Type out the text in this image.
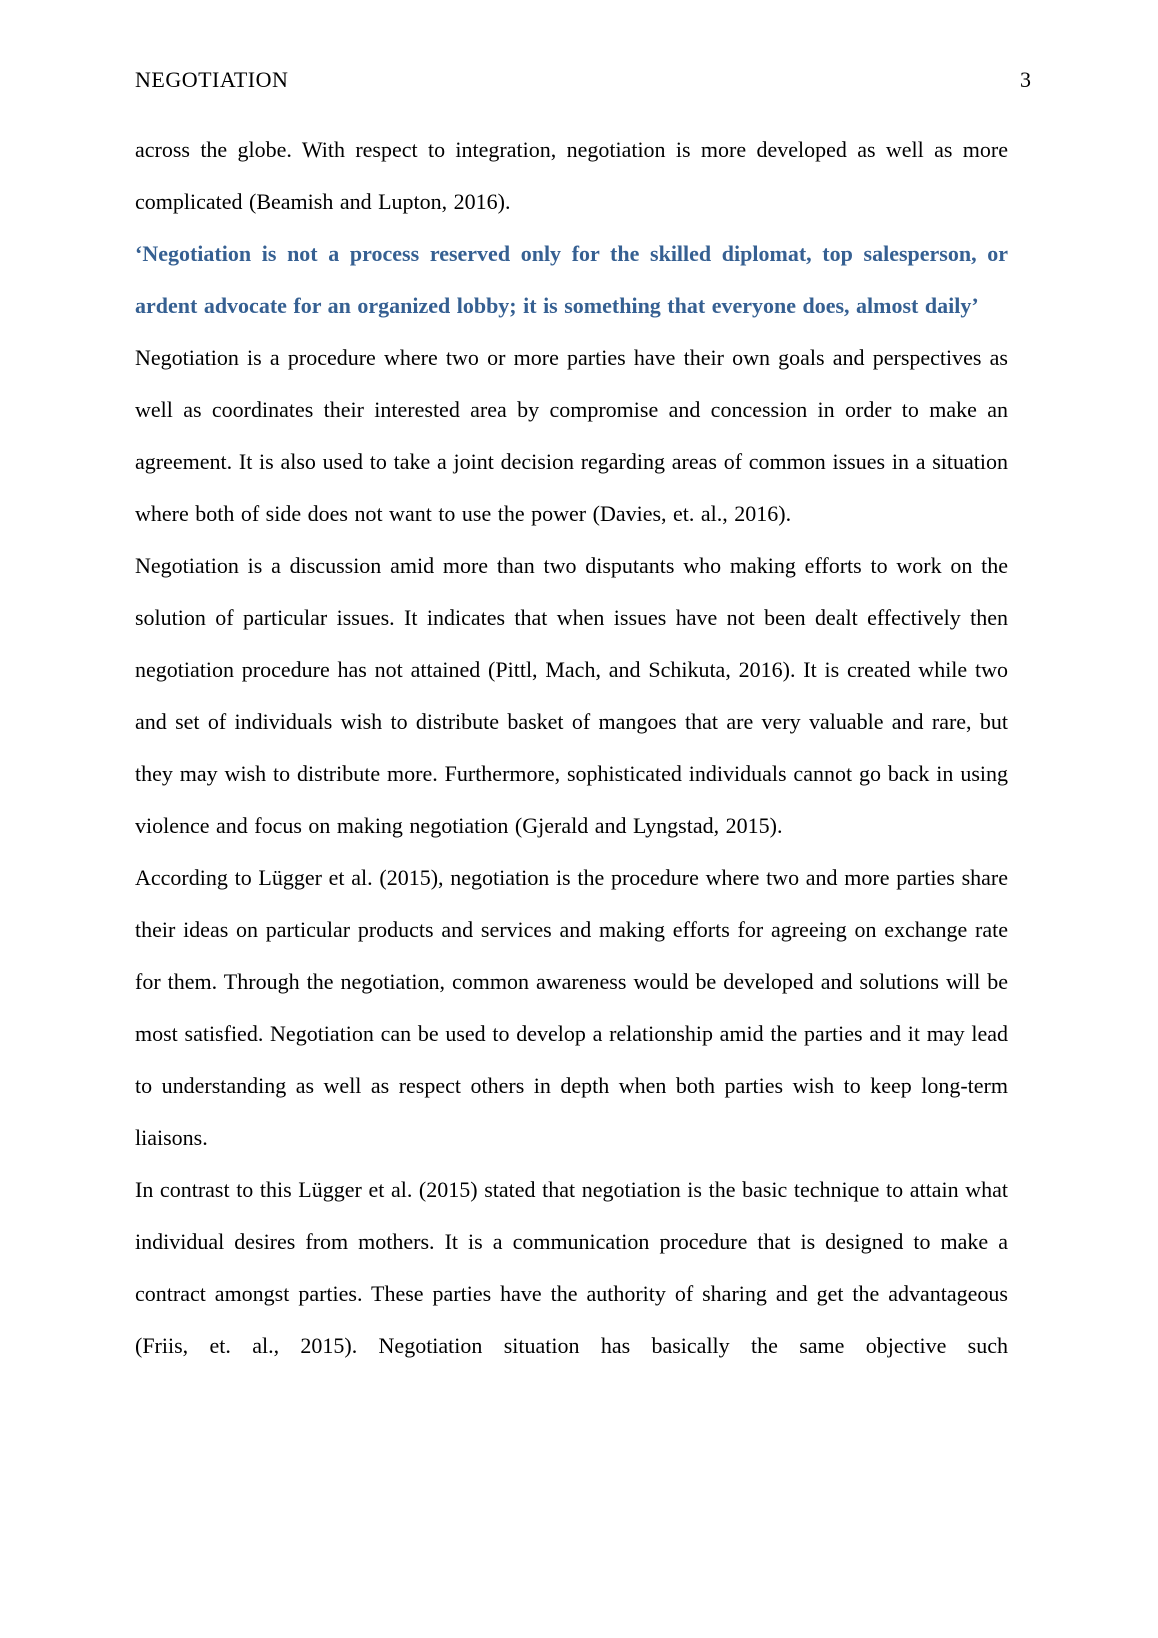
NEGOTIATION	3

across the globe. With respect to integration, negotiation is more developed as well as more complicated (Beamish and Lupton, 2016).

‘Negotiation is not a process reserved only for the skilled diplomat, top salesperson, or ardent advocate for an organized lobby; it is something that everyone does, almost daily’

Negotiation is a procedure where two or more parties have their own goals and perspectives as well as coordinates their interested area by compromise and concession in order to make an agreement. It is also used to take a joint decision regarding areas of common issues in a situation where both of side does not want to use the power (Davies, et. al., 2016).

Negotiation is a discussion amid more than two disputants who making efforts to work on the solution of particular issues. It indicates that when issues have not been dealt effectively then negotiation procedure has not attained (Pittl, Mach, and Schikuta, 2016). It is created while two and set of individuals wish to distribute basket of mangoes that are very valuable and rare, but they may wish to distribute more. Furthermore, sophisticated individuals cannot go back in using violence and focus on making negotiation (Gjerald and Lyngstad, 2015).

According to Lügger et al. (2015), negotiation is the procedure where two and more parties share their ideas on particular products and services and making efforts for agreeing on exchange rate for them. Through the negotiation, common awareness would be developed and solutions will be most satisfied. Negotiation can be used to develop a relationship amid the parties and it may lead to understanding as well as respect others in depth when both parties wish to keep long-term liaisons.

In contrast to this Lügger et al. (2015) stated that negotiation is the basic technique to attain what individual desires from mothers. It is a communication procedure that is designed to make a contract amongst parties. These parties have the authority of sharing and get the advantageous (Friis, et. al., 2015). Negotiation situation has basically the same objective such
